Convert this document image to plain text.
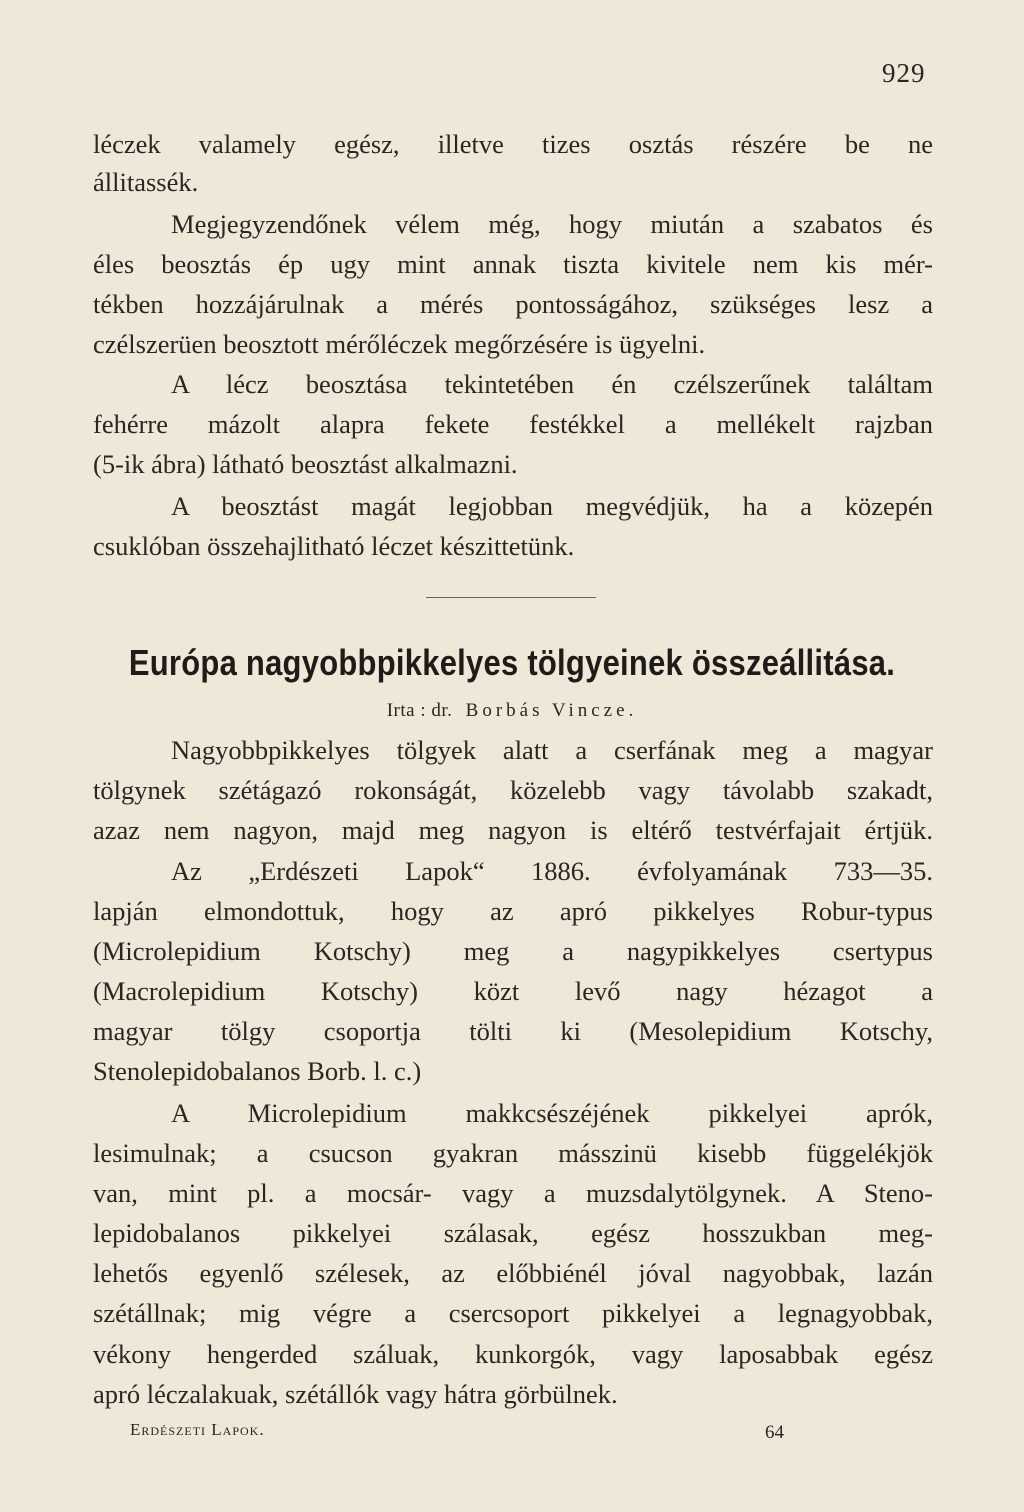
929
léczek valamely egész, illetve tizes osztás részére be ne
állitassék.
Megjegyzendőnek vélem még, hogy miután a szabatos és
éles beosztás ép ugy mint annak tiszta kivitele nem kis mér-
tékben hozzájárulnak a mérés pontosságához, szükséges lesz a
czélszerüen beosztott mérőléczek megőrzésére is ügyelni.
A lécz beosztása tekintetében én czélszerűnek találtam
fehérre mázolt alapra fekete festékkel a mellékelt rajzban
(5-ik ábra) látható beosztást alkalmazni.
A beosztást magát legjobban megvédjük, ha a közepén
csuklóban összehajlitható léczet készittetünk.
Európa nagyobbpikkelyes tölgyeinek összeállitása.
Irta : dr. Borbás Vincze.
Nagyobbpikkelyes tölgyek alatt a cserfának meg a magyar
tölgynek szétágazó rokonságát, közelebb vagy távolabb szakadt,
azaz nem nagyon, majd meg nagyon is eltérő testvérfajait értjük.
Az „Erdészeti Lapok“ 1886. évfolyamának 733—35.
lapján elmondottuk, hogy az apró pikkelyes Robur-typus
(Microlepidium Kotschy) meg a nagypikkelyes csertypus
(Macrolepidium Kotschy) közt levő nagy hézagot a
magyar tölgy csoportja tölti ki (Mesolepidium Kotschy,
Stenolepidobalanos Borb. l. c.)
A Microlepidium makkcsészéjének pikkelyei aprók,
lesimulnak; a csucson gyakran másszinü kisebb függelékjök
van, mint pl. a mocsár- vagy a muzsdalytölgynek. A Steno-
lepidobalanos pikkelyei szálasak, egész hosszukban meg-
lehetős egyenlő szélesek, az előbbiénél jóval nagyobbak, lazán
szétállnak; mig végre a csercsoport pikkelyei a legnagyobbak,
vékony hengerded száluak, kunkorgók, vagy laposabbak egész
apró léczalakuak, szétállók vagy hátra görbülnek.
Erdészeti Lapok.	64
